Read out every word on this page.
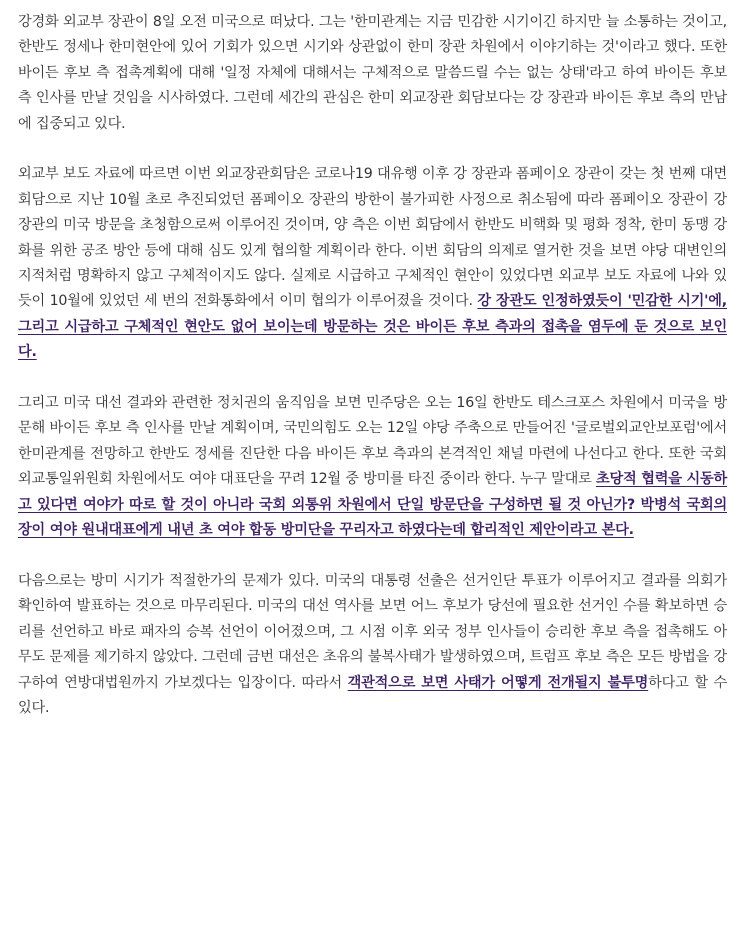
강경화 외교부 장관이 8일 오전 미국으로 떠났다. 그는 '한미관계는 지금 민감한 시기이긴 하지만 늘 소통하는 것이고, 한반도 정세나 한미현안에 있어 기회가 있으면 시기와 상관없이 한미 장관 차원에서 이야기하는 것'이라고 했다. 또한 바이든 후보 측 접촉계획에 대해 '일정 자체에 대해서는 구체적으로 말씀드릴 수는 없는 상태'라고 하여 바이든 후보 측 인사를 만날 것임을 시사하였다. 그런데 세간의 관심은 한미 외교장관 회담보다는 강 장관과 바이든 후보 측의 만남에 집중되고 있다.

외교부 보도 자료에 따르면 이번 외교장관회담은 코로나19 대유행 이후 강 장관과 폼페이오 장관이 갖는 첫 번째 대면 회담으로 지난 10월 초로 추진되었던 폼페이오 장관의 방한이 불가피한 사정으로 취소됨에 따라 폼페이오 장관이 강 장관의 미국 방문을 초청함으로써 이루어진 것이며, 양 측은 이번 회담에서 한반도 비핵화 및 평화 정착, 한미 동맹 강화를 위한 공조 방안 등에 대해 심도 있게 협의할 계획이라 한다. 이번 회담의 의제로 열거한 것을 보면 야당 대변인의 지적처럼 명확하지 않고 구체적이지도 않다. 실제로 시급하고 구체적인 현안이 있었다면 외교부 보도 자료에 나와 있듯이 10월에 있었던 세 번의 전화통화에서 이미 협의가 이루어졌을 것이다. 강 장관도 인정하였듯이 '민감한 시기'에, 그리고 시급하고 구체적인 현안도 없어 보이는데 방문하는 것은 바이든 후보 측과의 접촉을 염두에 둔 것으로 보인다.

그리고 미국 대선 결과와 관련한 정치권의 움직임을 보면 민주당은 오는 16일 한반도 테스크포스 차원에서 미국을 방문해 바이든 후보 측 인사를 만날 계획이며, 국민의힘도 오는 12일 야당 주축으로 만들어진 '글로벌외교안보포럼'에서 한미관계를 전망하고 한반도 정세를 진단한 다음 바이든 후보 측과의 본격적인 채널 마련에 나선다고 한다. 또한 국회 외교통일위원회 차원에서도 여야 대표단을 꾸려 12월 중 방미를 타진 중이라 한다. 누구 말대로 초당적 협력을 시동하고 있다면 여야가 따로 할 것이 아니라 국회 외통위 차원에서 단일 방문단을 구성하면 될 것 아닌가? 박병석 국회의장이 여야 원내대표에게 내년 초 여야 합동 방미단을 꾸리자고 하였다는데 합리적인 제안이라고 본다.

다음으로는 방미 시기가 적절한가의 문제가 있다. 미국의 대통령 선출은 선거인단 투표가 이루어지고 결과를 의회가 확인하여 발표하는 것으로 마무리된다. 미국의 대선 역사를 보면 어느 후보가 당선에 필요한 선거인 수를 확보하면 승리를 선언하고 바로 패자의 승복 선언이 이어졌으며, 그 시점 이후 외국 정부 인사들이 승리한 후보 측을 접촉해도 아무도 문제를 제기하지 않았다. 그런데 금번 대선은 초유의 불복사태가 발생하였으며, 트럼프 후보 측은 모든 방법을 강구하여 연방대법원까지 가보겠다는 입장이다. 따라서 객관적으로 보면 사태가 어떻게 전개될지 불투명하다고 할 수 있다.
